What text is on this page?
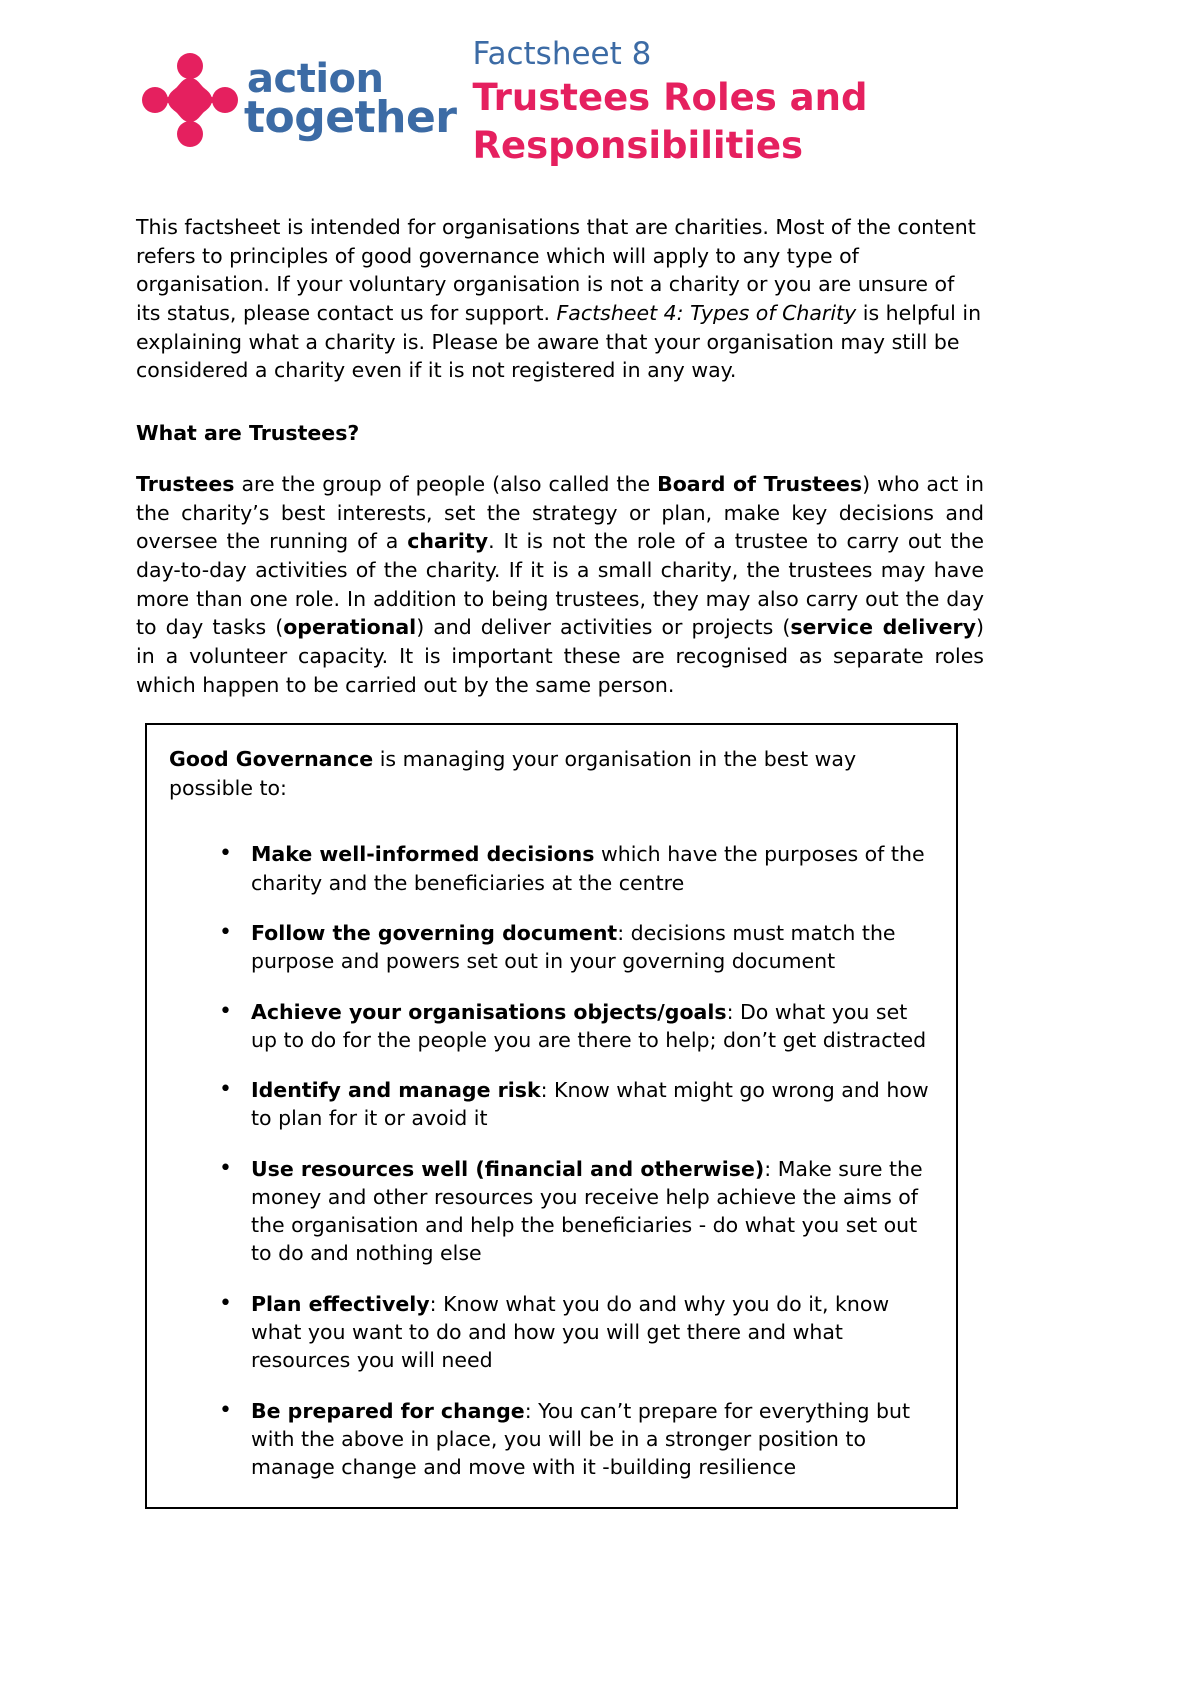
action
together
Factsheet 8
Trustees Roles and Responsibilities

This factsheet is intended for organisations that are charities. Most of the content refers to principles of good governance which will apply to any type of organisation. If your voluntary organisation is not a charity or you are unsure of its status, please contact us for support. Factsheet 4: Types of Charity is helpful in explaining what a charity is. Please be aware that your organisation may still be considered a charity even if it is not registered in any way.

What are Trustees?

Trustees are the group of people (also called the Board of Trustees) who act in the charity’s best interests, set the strategy or plan, make key decisions and oversee the running of a charity. It is not the role of a trustee to carry out the day-to-day activities of the charity. If it is a small charity, the trustees may have more than one role. In addition to being trustees, they may also carry out the day to day tasks (operational) and deliver activities or projects (service delivery) in a volunteer capacity. It is important these are recognised as separate roles which happen to be carried out by the same person.

Good Governance is managing your organisation in the best way possible to:

• Make well-informed decisions which have the purposes of the charity and the beneficiaries at the centre
• Follow the governing document: decisions must match the purpose and powers set out in your governing document
• Achieve your organisations objects/goals: Do what you set up to do for the people you are there to help; don’t get distracted
• Identify and manage risk: Know what might go wrong and how to plan for it or avoid it
• Use resources well (financial and otherwise): Make sure the money and other resources you receive help achieve the aims of the organisation and help the beneficiaries - do what you set out to do and nothing else
• Plan effectively: Know what you do and why you do it, know what you want to do and how you will get there and what resources you will need
• Be prepared for change: You can’t prepare for everything but with the above in place, you will be in a stronger position to manage change and move with it -building resilience
